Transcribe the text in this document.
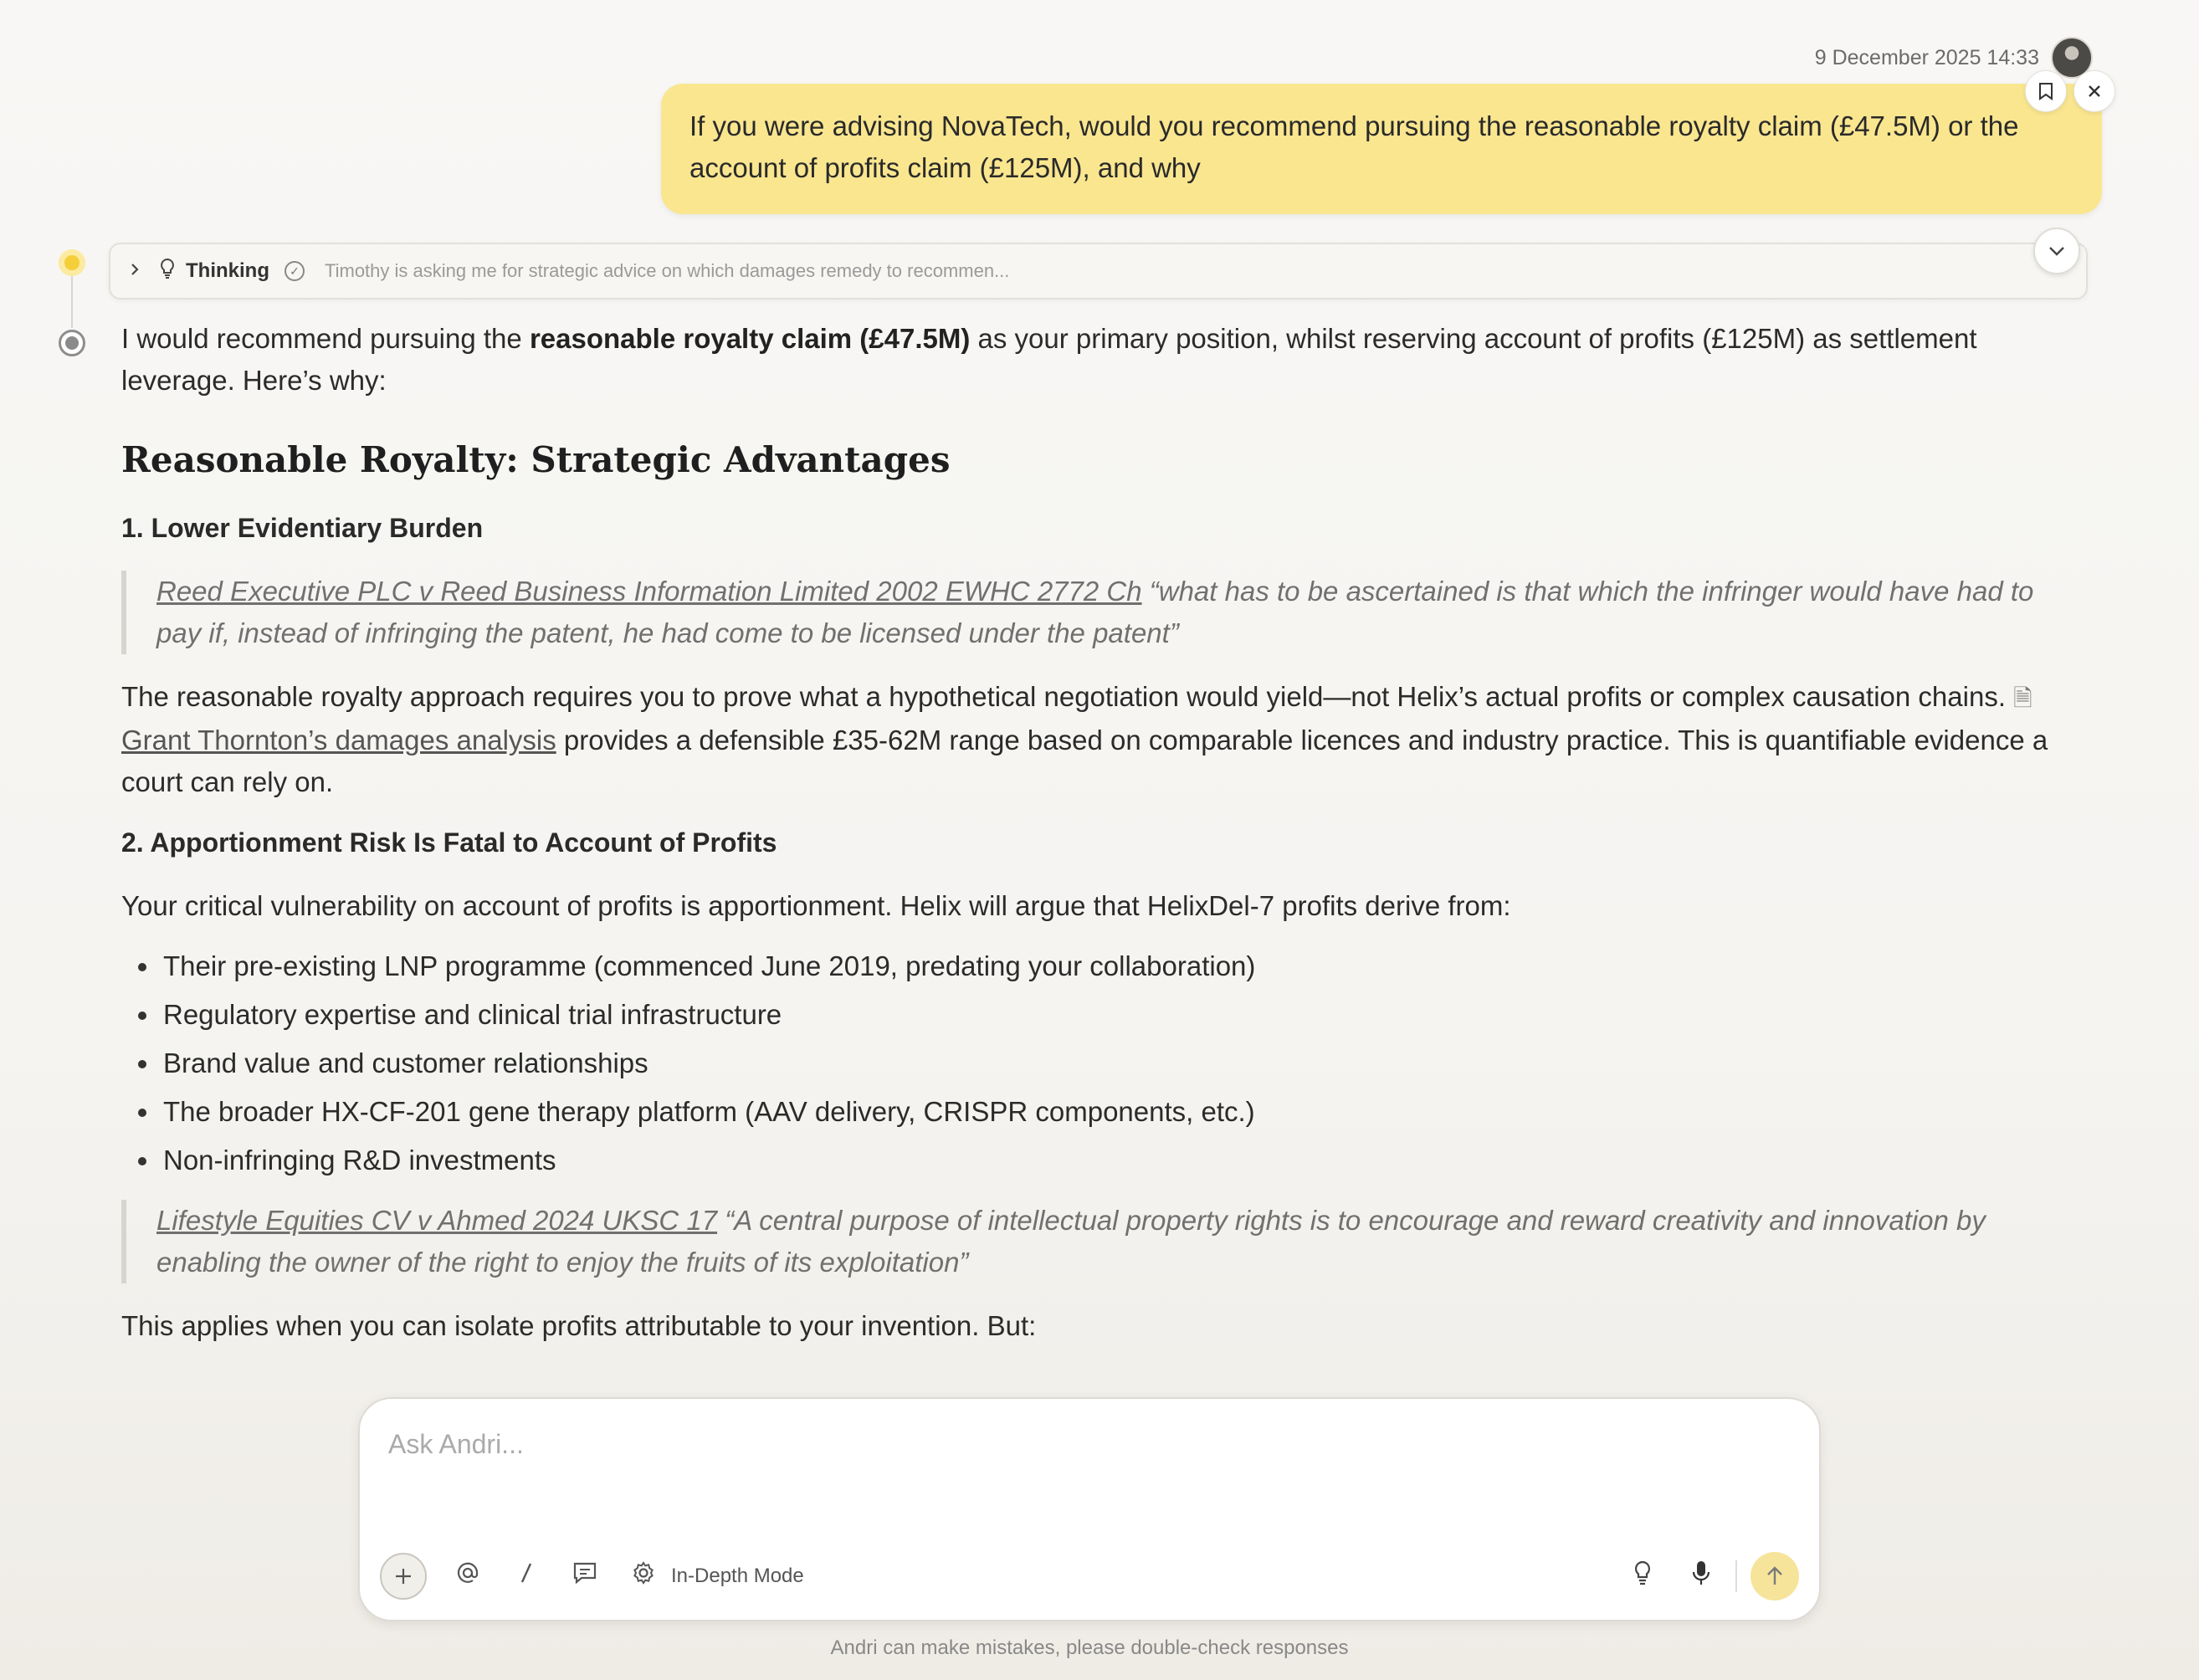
9 December 2025 14:33
If you were advising NovaTech, would you recommend pursuing the reasonable royalty claim (£47.5M) or the account of profits claim (£125M), and why
Thinking	✓ Timothy is asking me for strategic advice on which damages remedy to recommen...

I would recommend pursuing the reasonable royalty claim (£47.5M) as your primary position, whilst reserving account of profits (£125M) as settlement leverage. Here’s why:

Reasonable Royalty: Strategic Advantages
1. Lower Evidentiary Burden
Reed Executive PLC v Reed Business Information Limited 2002 EWHC 2772 Ch “what has to be ascertained is that which the infringer would have had to pay if, instead of infringing the patent, he had come to be licensed under the patent”

The reasonable royalty approach requires you to prove what a hypothetical negotiation would yield—not Helix’s actual profits or complex causation chains. 🗎Grant Thornton’s damages analysis provides a defensible £35-62M range based on comparable licences and industry practice. This is quantifiable evidence a court can rely on.

2. Apportionment Risk Is Fatal to Account of Profits

Your critical vulnerability on account of profits is apportionment. Helix will argue that HelixDel-7 profits derive from:

Their pre-existing LNP programme (commenced June 2019, predating your collaboration)
Regulatory expertise and clinical trial infrastructure
Brand value and customer relationships
The broader HX-CF-201 gene therapy platform (AAV delivery, CRISPR components, etc.)
Non-infringing R&D investments
Lifestyle Equities CV v Ahmed 2024 UKSC 17 “A central purpose of intellectual property rights is to encourage and reward creativity and innovation by enabling the owner of the right to enjoy the fruits of its exploitation”

This applies when you can isolate profits attributable to your invention. But:

Ask Andri...
In-Depth Mode
Andri can make mistakes, please double-check responses
